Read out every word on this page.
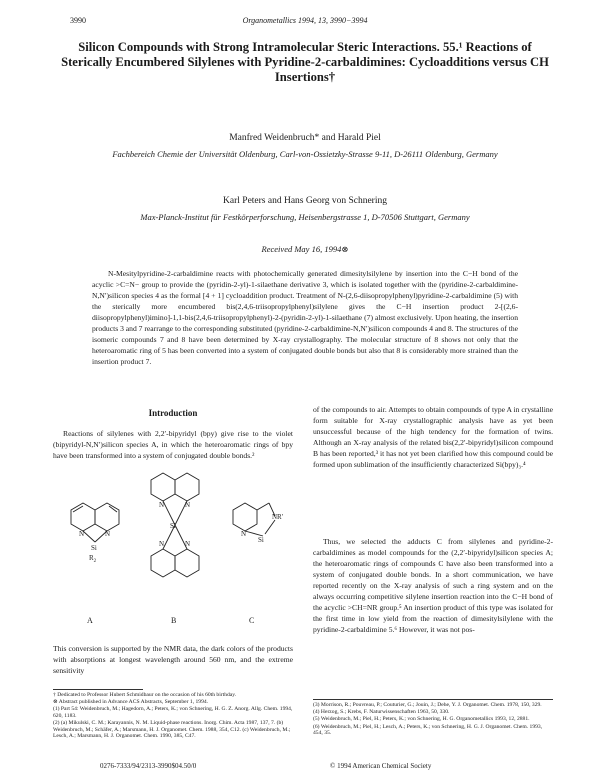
3990	Organometallics 1994, 13, 3990−3994
Silicon Compounds with Strong Intramolecular Steric Interactions. 55.¹ Reactions of Sterically Encumbered Silylenes with Pyridine-2-carbaldimines: Cycloadditions versus CH Insertions†
Manfred Weidenbruch* and Harald Piel
Fachbereich Chemie der Universität Oldenburg, Carl-von-Ossietzky-Strasse 9-11, D-26111 Oldenburg, Germany
Karl Peters and Hans Georg von Schnering
Max-Planck-Institut für Festkörperforschung, Heisenbergstrasse 1, D-70506 Stuttgart, Germany
Received May 16, 1994⊗
N-Mesitylpyridine-2-carbaldimine reacts with photochemically generated dimesitylsilylene by insertion into the C−H bond of the acyclic >C=N− group to provide the (pyridin-2-yl)-1-silaethane derivative 3, which is isolated together with the (pyridine-2-carbaldimine-N,N′)silicon species 4 as the formal [4 + 1] cycloaddition product. Treatment of N-(2,6-diisopropylphenyl)pyridine-2-carbaldimine (5) with the sterically more encumbered bis(2,4,6-triisopropylphenyl)silylene gives the C−H insertion product 2-[(2,6-diisopropylphenyl)imino]-1,1-bis(2,4,6-triisopropylphenyl)-2-(pyridin-2-yl)-1-silaethane (7) almost exclusively. Upon heating, the insertion products 3 and 7 rearrange to the corresponding substituted (pyridine-2-carbaldimine-N,N′)silicon compounds 4 and 8. The structures of the isomeric compounds 7 and 8 have been determined by X-ray crystallography. The molecular structure of 8 shows not only that the heteroaromatic ring of 5 has been converted into a system of conjugated double bonds but also that 8 is considerably more strained than the insertion product 7.
Introduction
Reactions of silylenes with 2,2′-bipyridyl (bpy) give rise to the violet (bipyridyl-N,N′)silicon species A, in which the heteroaromatic rings of bpy have been transformed into a system of conjugated double bonds.²
Si
$R_2$
N	N
Si
N	N
N	N	Si
NR'
N
A	B	C
This conversion is supported by the NMR data, the dark colors of the products with absorptions at longest wavelength around 560 nm, and the extreme sensitivity

† Dedicated to Professor Hubert Schmidbaur on the occasion of his 60th birthday.

⊗ Abstract published in Advance ACS Abstracts, September 1, 1994.

(1) Part 54: Weidenbruch, M.; Hagedorn, A.; Peters, K.; von Schnering, H. G. Z. Anorg. Allg. Chem. 1994, 620, 1183.

(2) (a) Mikulski, C. M.; Karayannis, N. M. Liquid-phase reactions. Inorg. Chim. Acta 1987, 137, 7. (b) Weidenbruch, M.; Schäfer, A.; Marsmann, H. J. Organomet. Chem. 1988, 354, C12. (c) Weidenbruch, M.; Lesch, A.; Marsmann, H. J. Organomet. Chem. 1990, 385, C47.

of the compounds to air. Attempts to obtain compounds of type A in crystalline form suitable for X-ray crystallographic analysis have as yet been unsuccessful because of the high tendency for the formation of twins. Although an X-ray analysis of the related bis(2,2′-bipyridyl)silicon compound B has been reported,³ it has not yet been clarified how this compound could be formed upon sublimation of the insufficiently characterized Si(bpy)₃.⁴
Thus, we selected the adducts C from silylenes and pyridine-2-carbaldimines as model compounds for the (2,2′-bipyridyl)silicon species A; the heteroaromatic rings of compounds C have also been transformed into a system of conjugated double bonds. In a short communication, we have reported recently on the X-ray analysis of such a ring system and on the always occurring competitive silylene insertion reaction into the C−H bond of the acyclic >CH=NR group.⁵ An insertion product of this type was isolated for the first time in low yield from the reaction of dimesitylsilylene with the pyridine-2-carbaldimine 5.⁶ However, it was not pos-

(3) Morrison, R.; Pouvreau, P.; Couturier, G.; Jouin, J.; Dehe, Y. J. Organomet. Chem. 1978, 150, 329.

(4) Herzog, S.; Krebs, F. Naturwissenschaften 1963, 50, 330.

(5) Weidenbruch, M.; Piel, H.; Peters, K.; von Schnering, H. G. Organometallics 1993, 12, 2881.

(6) Weidenbruch, M.; Piel, H.; Lesch, A.; Peters, K.; von Schnering, H. G. J. Organomet. Chem. 1993, 454, 35.

0276-7333/94/2313-3990$04.50/0	© 1994 American Chemical Society
